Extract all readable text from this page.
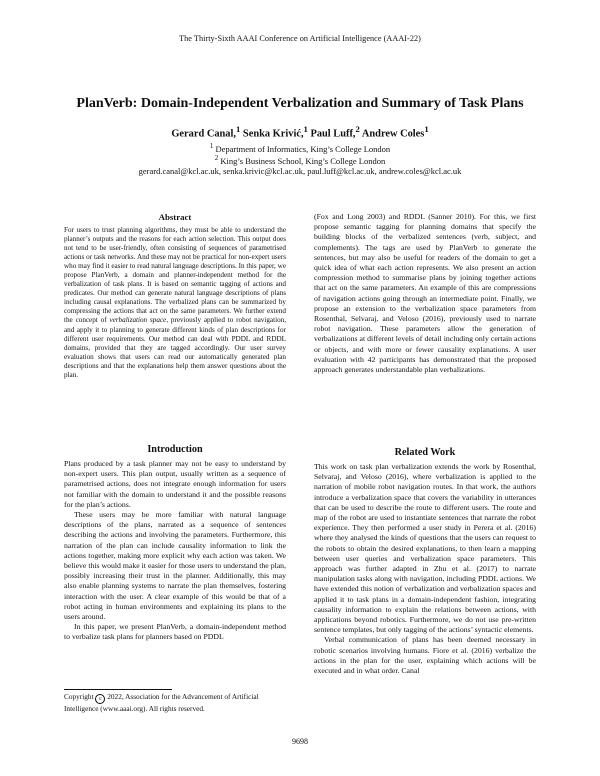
The Thirty-Sixth AAAI Conference on Artificial Intelligence (AAAI-22)
PlanVerb: Domain-Independent Verbalization and Summary of Task Plans
Gerard Canal,$^1$ Senka Krivić,$^1$ Paul Luff,$^2$ Andrew Coles$^1$
$^1$ Department of Informatics, King’s College London
$^2$ King’s Business School, King’s College London
gerard.canal@kcl.ac.uk, senka.krivic@kcl.ac.uk, paul.luff@kcl.ac.uk, andrew.coles@kcl.ac.uk
Abstract

For users to trust planning algorithms, they must be able to understand the planner’s outputs and the reasons for each action selection. This output does not tend to be user-friendly, often consisting of sequences of parametrised actions or task networks. And these may not be practical for non-expert users who may find it easier to read natural language descriptions. In this paper, we propose PlanVerb, a domain and planner-independent method for the verbalization of task plans. It is based on semantic tagging of actions and predicates. Our method can generate natural language descriptions of plans including causal explanations. The verbalized plans can be summarized by compressing the actions that act on the same parameters. We further extend the concept of verbalization space, previously applied to robot navigation, and apply it to planning to generate different kinds of plan descriptions for different user requirements. Our method can deal with PDDL and RDDL domains, provided that they are tagged accordingly. Our user survey evaluation shows that users can read our automatically generated plan descriptions and that the explanations help them answer questions about the plan.

Introduction

Plans produced by a task planner may not be easy to understand by non-expert users. This plan output, usually written as a sequence of parametrised actions, does not integrate enough information for users not familiar with the domain to understand it and the possible reasons for the plan’s actions.

These users may be more familiar with natural language descriptions of the plans, narrated as a sequence of sentences describing the actions and involving the parameters. Furthermore, this narration of the plan can include causality information to link the actions together, making more explicit why each action was taken. We believe this would make it easier for those users to understand the plan, possibly increasing their trust in the planner. Additionally, this may also enable planning systems to narrate the plan themselves, fostering interaction with the user. A clear example of this would be that of a robot acting in human environments and explaining its plans to the users around.

In this paper, we present PlanVerb, a domain-independent method to verbalize task plans for planners based on PDDL

Copyright c 2022, Association for the Advancement of Artificial Intelligence (www.aaai.org). All rights reserved.

(Fox and Long 2003) and RDDL (Sanner 2010). For this, we first propose semantic tagging for planning domains that specify the building blocks of the verbalized sentences (verb, subject, and complements). The tags are used by PlanVerb to generate the sentences, but may also be useful for readers of the domain to get a quick idea of what each action represents. We also present an action compression method to summarise plans by joining together actions that act on the same parameters. An example of this are compressions of navigation actions going through an intermediate point. Finally, we propose an extension to the verbalization space parameters from Rosenthal, Selvaraj, and Veloso (2016), previously used to narrate robot navigation. These parameters allow the generation of verbalizations at different levels of detail including only certain actions or objects, and with more or fewer causality explanations. A user evaluation with 42 participants has demonstrated that the proposed approach generates understandable plan verbalizations.

Related Work

This work on task plan verbalization extends the work by Rosenthal, Selvaraj, and Veloso (2016), where verbalization is applied to the narration of mobile robot navigation routes. In that work, the authors introduce a verbalization space that covers the variability in utterances that can be used to describe the route to different users. The route and map of the robot are used to instantiate sentences that narrate the robot experience. They then performed a user study in Perera et al. (2016) where they analysed the kinds of questions that the users can request to the robots to obtain the desired explanations, to then learn a mapping between user queries and verbalization space parameters. This approach was further adapted in Zhu et al. (2017) to narrate manipulation tasks along with navigation, including PDDL actions. We have extended this notion of verbalization and verbalization spaces and applied it to task plans in a domain-independent fashion, integrating causality information to explain the relations between actions, with applications beyond robotics. Furthermore, we do not use pre-written sentence templates, but only tagging of the actions’ syntactic elements.

Verbal communication of plans has been deemed necessary in robotic scenarios involving humans. Fiore et al. (2016) verbalize the actions in the plan for the user, explaining which actions will be executed and in what order. Canal

9698
